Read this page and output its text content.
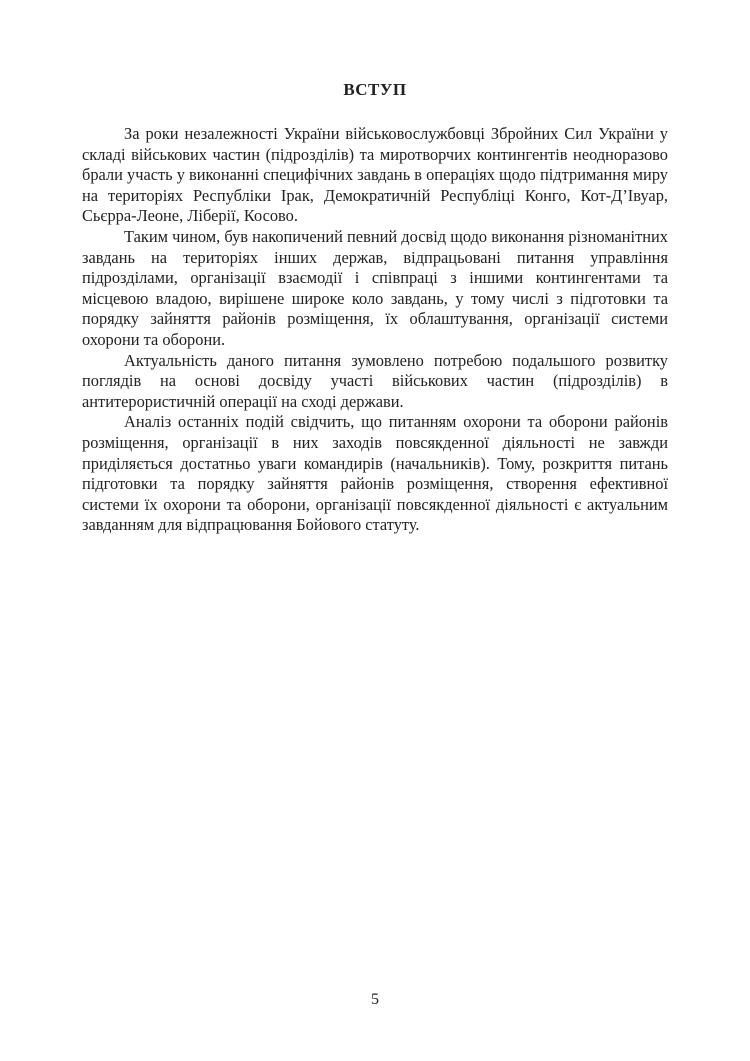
ВСТУП

За роки незалежності України військовослужбовці Збройних Сил України у складі військових частин (підрозділів) та миротворчих контингентів неодноразово брали участь у виконанні специфічних завдань в операціях щодо підтримання миру на територіях Республіки Ірак, Демократичній Республіці Конго, Кот-Д’Івуар, Сьєрра-Леоне, Ліберії, Косово.

Таким чином, був накопичений певний досвід щодо виконання різноманітних завдань на територіях інших держав, відпрацьовані питання управління підрозділами, організації взаємодії і співпраці з іншими контингентами та місцевою владою, вирішене широке коло завдань, у тому числі з підготовки та порядку зайняття районів розміщення, їх облаштування, організації системи охорони та оборони.

Актуальність даного питання зумовлено потребою подальшого розвитку поглядів на основі досвіду участі військових частин (підрозділів) в антитерористичній операції на сході держави.

Аналіз останніх подій свідчить, що питанням охорони та оборони районів розміщення, організації в них заходів повсякденної діяльності не завжди приділяється достатньо уваги командирів (начальників). Тому, розкриття питань підготовки та порядку зайняття районів розміщення, створення ефективної системи їх охорони та оборони, організації повсякденної діяльності є актуальним завданням для відпрацювання Бойового статуту.

5
